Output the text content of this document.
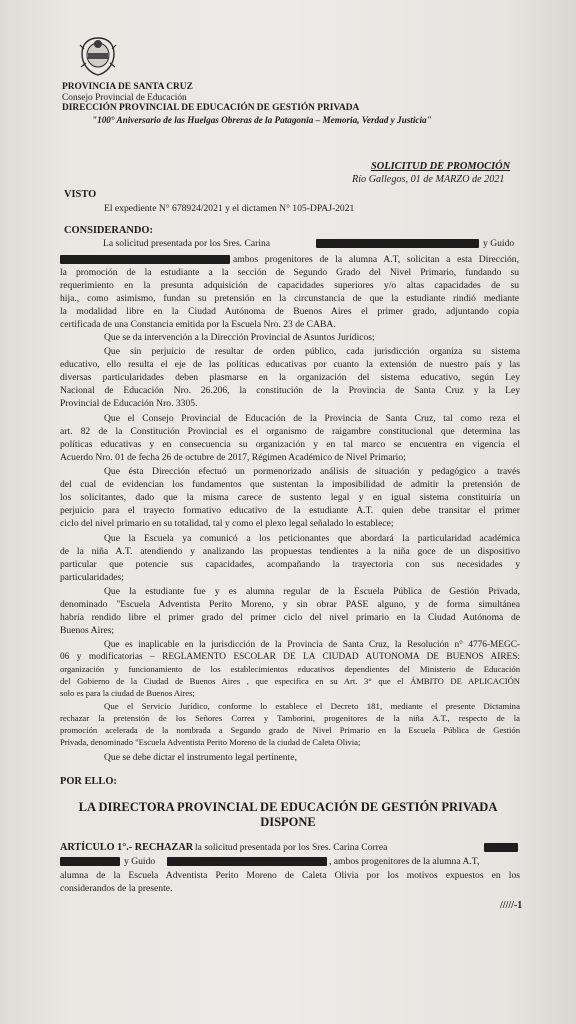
PROVINCIA DE SANTA CRUZ
Consejo Provincial de Educación
DIRECCIÓN PROVINCIAL DE EDUCACIÓN DE GESTIÓN PRIVADA
"100° Aniversario de las Huelgas Obreras de la Patagonia – Memoria, Verdad y Justicia"
SOLICITUD DE PROMOCIÓN
Río Gallegos, 01 de MARZO de 2021
VISTO
El expediente N° 678924/2021 y el dictamen N° 105-DPAJ-2021
CONSIDERANDO:
La solicitud presentada por los Sres. Carina	y Guido
ambos progenitores de la alumna A.T, solicitan a esta Dirección,
la promoción de la estudiante a la sección de Segundo Grado del Nivel Primario, fundando su
requerimiento en la presunta adquisición de capacidades superiores y/o altas capacidades de su
hija., como asimismo, fundan su pretensión en la circunstancia de que la estudiante rindió mediante
la modalidad libre en la Ciudad Autónoma de Buenos Aires el primer grado, adjuntando copia
certificada de una Constancia emitida por la Escuela Nro. 23 de CABA.
Que se da intervención a la Dirección Provincial de Asuntos Jurídicos;
Que sin perjuicio de resultar de orden público, cada jurisdicción organiza su sistema
educativo, ello resulta el eje de las políticas educativas por cuanto la extensión de nuestro país y las
diversas particularidades deben plasmarse en la organización del sistema educativo, según Ley
Nacional de Educación Nro. 26.206, la constitución de la Provincia de Santa Cruz y la Ley
Provincial de Educación Nro. 3305.
Que el Consejo Provincial de Educación de la Provincia de Santa Cruz, tal como reza el
art. 82 de la Constitución Provincial es el organismo de raigambre constitucional que determina las
políticas educativas y en consecuencia su organización y en tal marco se encuentra en vigencia el
Acuerdo Nro. 01 de fecha 26 de octubre de 2017, Régimen Académico de Nivel Primario;
Que ésta Dirección efectuó un pormenorizado análisis de situación y pedagógico a través
del cual de evidencian los fundamentos que sustentan la imposibilidad de admitir la pretensión de
los solicitantes, dado que la misma carece de sustento legal y en igual sistema constituiría un
perjuicio para el trayecto formativo educativo de la estudiante A.T. quien debe transitar el primer
ciclo del nivel primario en su totalidad, tal y como el plexo legal señalado lo establece;
Que la Escuela ya comunicó a los peticionantes que abordará la particularidad académica
de la niña A.T. atendiendo y analizando las propuestas tendientes a la niña goce de un dispositivo
particular que potencie sus capacidades, acompañando la trayectoria con sus necesidades y
particularidades;
Que la estudiante fue y es alumna regular de la Escuela Pública de Gestión Privada,
denominado "Escuela Adventista Perito Moreno, y sin obrar PASE alguno, y de forma simultánea
habría rendido libre el primer grado del primer ciclo del nivel primario en la Ciudad Autónoma de
Buenos Aires;
Que es inaplicable en la jurisdicción de la Provincia de Santa Cruz, la Resolución n° 4776-MEGC-
06 y modificatorias – REGLAMENTO ESCOLAR DE LA CIUDAD AUTONOMA DE BUENOS AIRES:
organización y funcionamiento de los establecimientos educativos dependientes del Ministerio de Educación
del Gobierno de la Ciudad de Buenos Aires , que especifica en su Art. 3° que el ÁMBITO DE APLICACIÓN
solo es para la ciudad de Buenos Aires;
Que el Servicio Jurídico, conforme lo establece el Decreto 181, mediante el presente Dictamina
rechazar la pretensión de los Señores Correa y Tamborini, progenitores de la niña A.T., respecto de la
promoción acelerada de la nombrada a Segundo grado de Nivel Primario en la Escuela Pública de Gestión
Privada, denominado "Escuela Adventista Perito Moreno de la ciudad de Caleta Olivia;
Que se debe dictar el instrumento legal pertinente,
POR ELLO:
LA DIRECTORA PROVINCIAL DE EDUCACIÓN DE GESTIÓN PRIVADA
DISPONE
ARTÍCULO 1°.- RECHAZAR la solicitud presentada por los Sres. Carina Correa
y Guido	, ambos progenitores de la alumna A.T,
alumna de la Escuela Adventista Perito Moreno de Caleta Olivia por los motivos expuestos en los
considerandos de la presente.
/////-1
